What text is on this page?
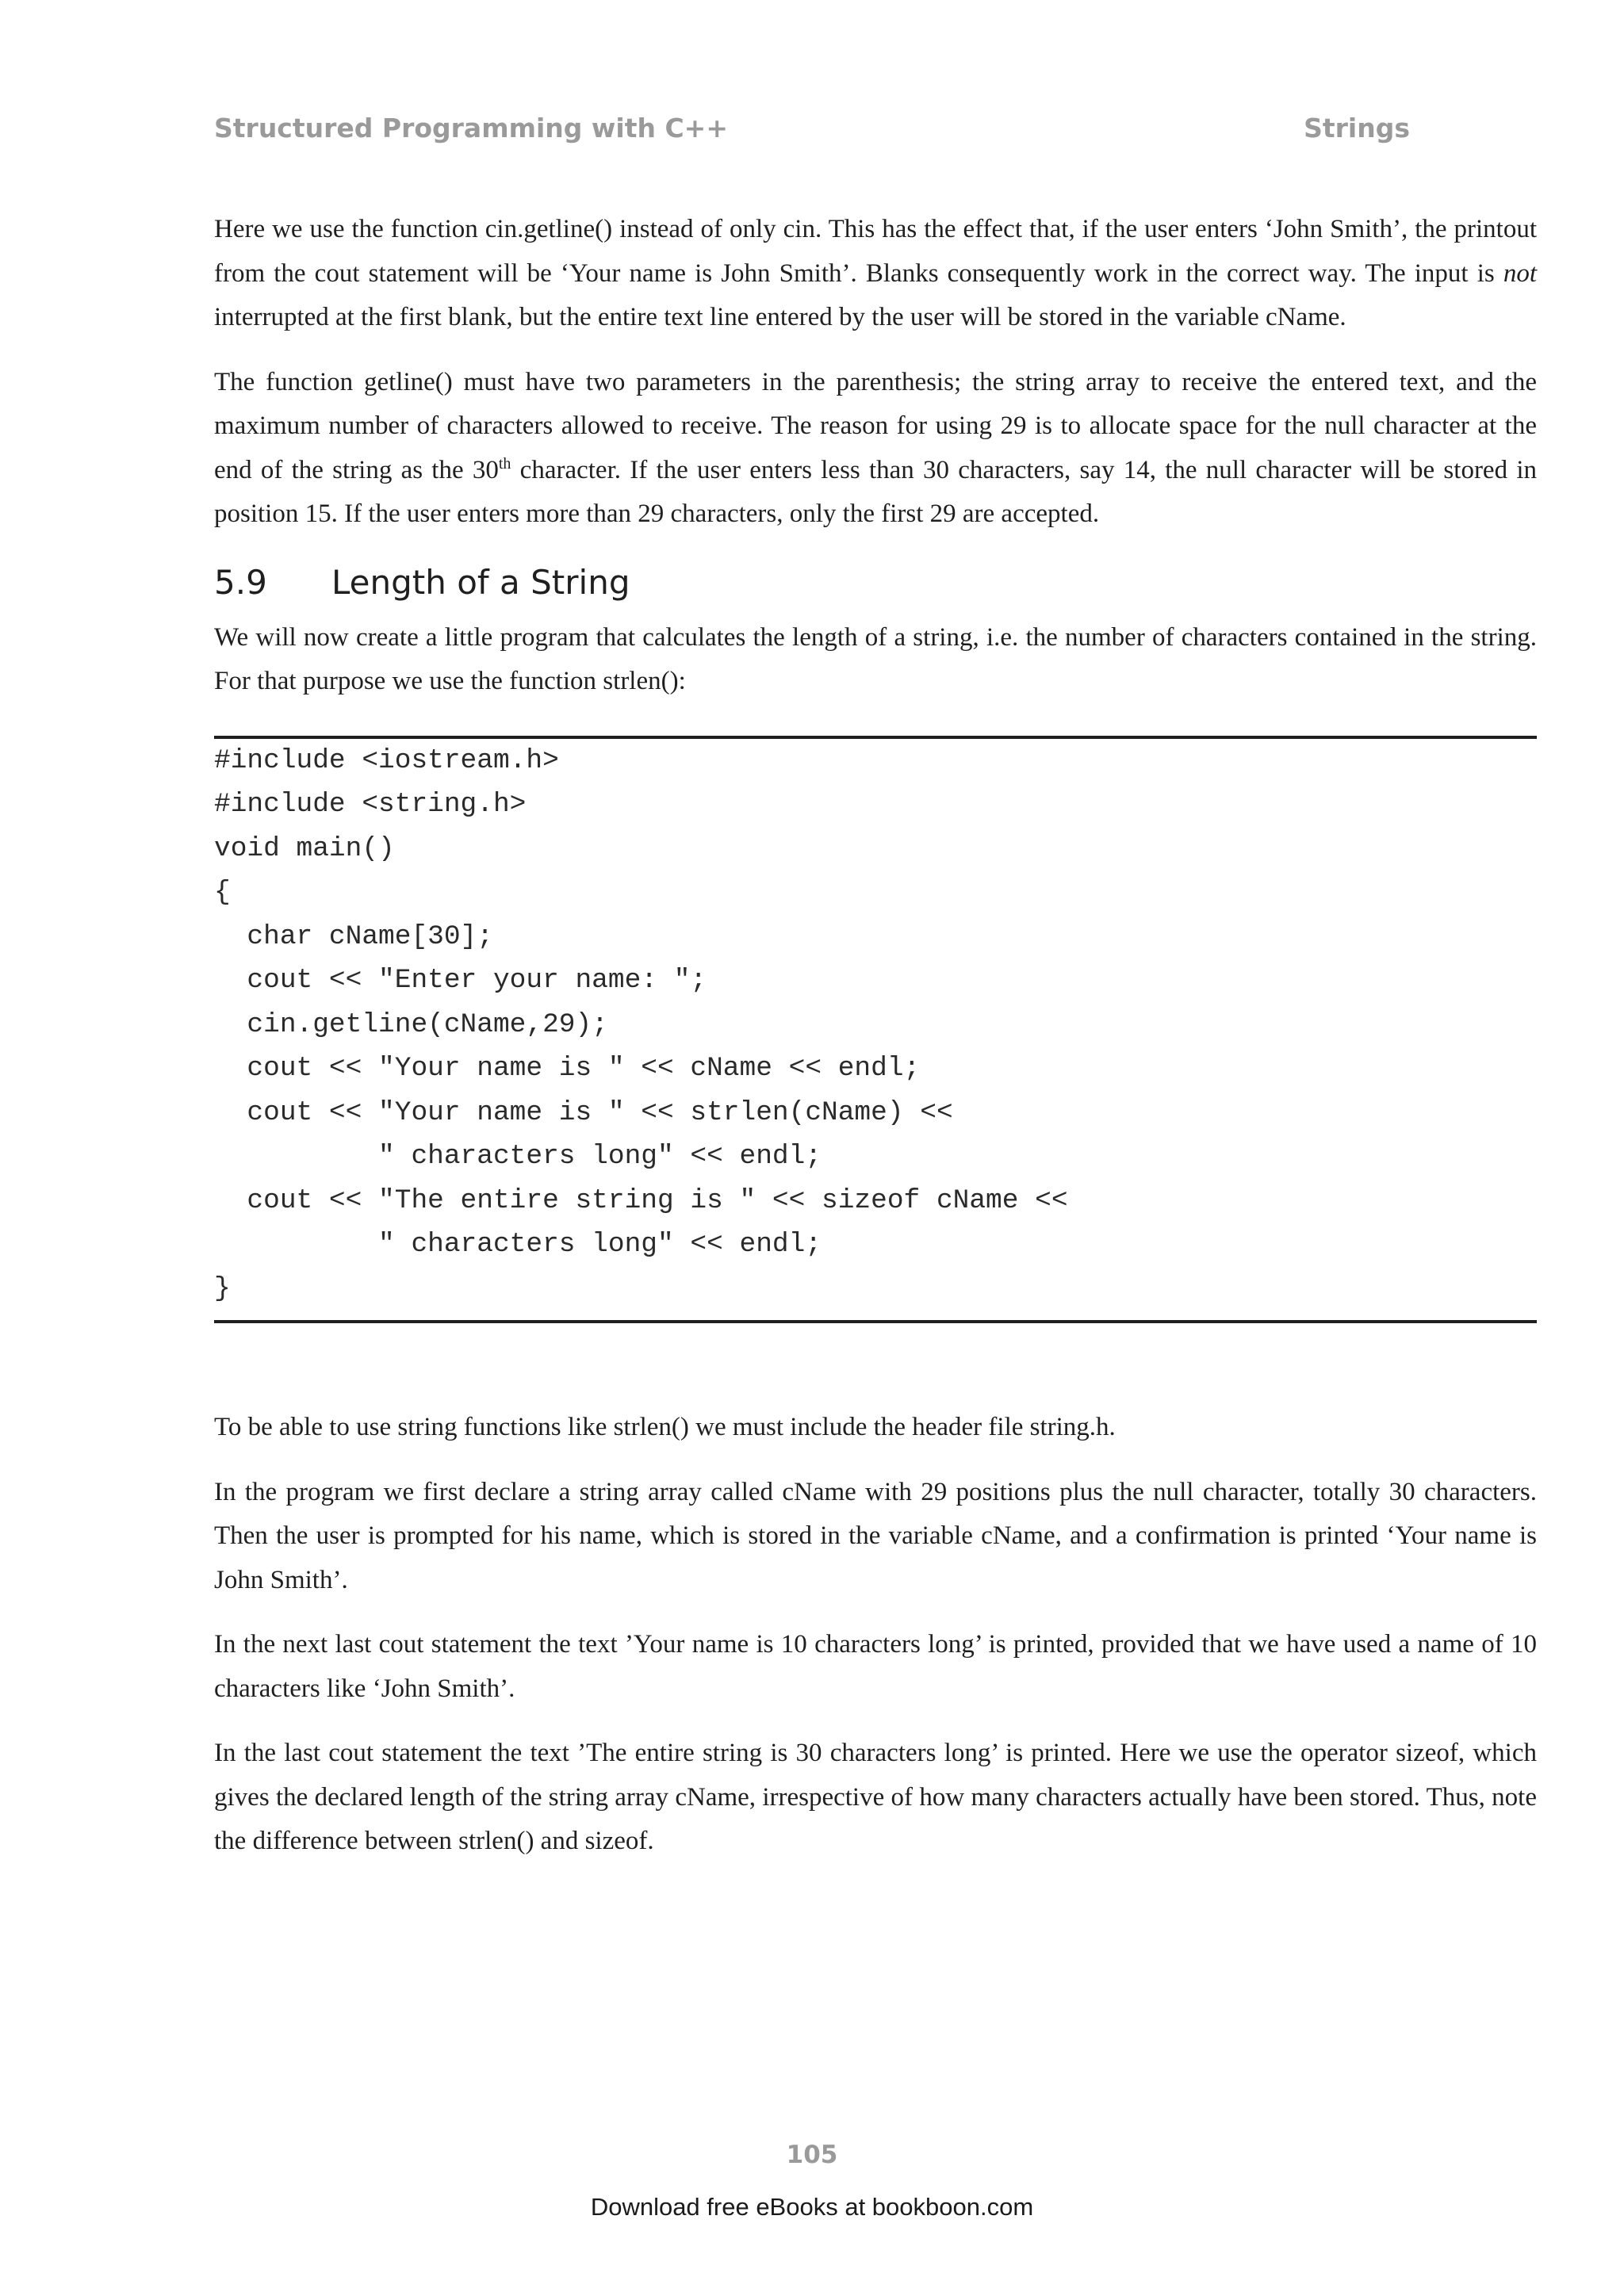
Structured Programming with C++	Strings

Here we use the function cin.getline() instead of only cin. This has the effect that, if the user enters ‘John Smith’, the printout from the cout statement will be ‘Your name is John Smith’. Blanks consequently work in the correct way. The input is not interrupted at the first blank, but the entire text line entered by the user will be stored in the variable cName.

The function getline() must have two parameters in the parenthesis; the string array to receive the entered text, and the maximum number of characters allowed to receive. The reason for using 29 is to allocate space for the null character at the end of the string as the 30th character. If the user enters less than 30 characters, say 14, the null character will be stored in position 15. If the user enters more than 29 characters, only the first 29 are accepted.

5.9 Length of a String

We will now create a little program that calculates the length of a string, i.e. the number of characters contained in the string. For that purpose we use the function strlen():

#include <iostream.h>
#include <string.h>
void main()
{
char cName[30];
cout << "Enter your name: ";
cin.getline(cName,29);
cout << "Your name is " << cName << endl;
cout << "Your name is " << strlen(cName) <<
" characters long" << endl;
cout << "The entire string is " << sizeof cName <<
" characters long" << endl;
}

To be able to use string functions like strlen() we must include the header file string.h.

In the program we first declare a string array called cName with 29 positions plus the null character, totally 30 characters. Then the user is prompted for his name, which is stored in the variable cName, and a confirmation is printed ‘Your name is John Smith’.

In the next last cout statement the text ’Your name is 10 characters long’ is printed, provided that we have used a name of 10 characters like ‘John Smith’.

In the last cout statement the text ’The entire string is 30 characters long’ is printed. Here we use the operator sizeof, which gives the declared length of the string array cName, irrespective of how many characters actually have been stored. Thus, note the difference between strlen() and sizeof.

105
Download free eBooks at bookboon.com
